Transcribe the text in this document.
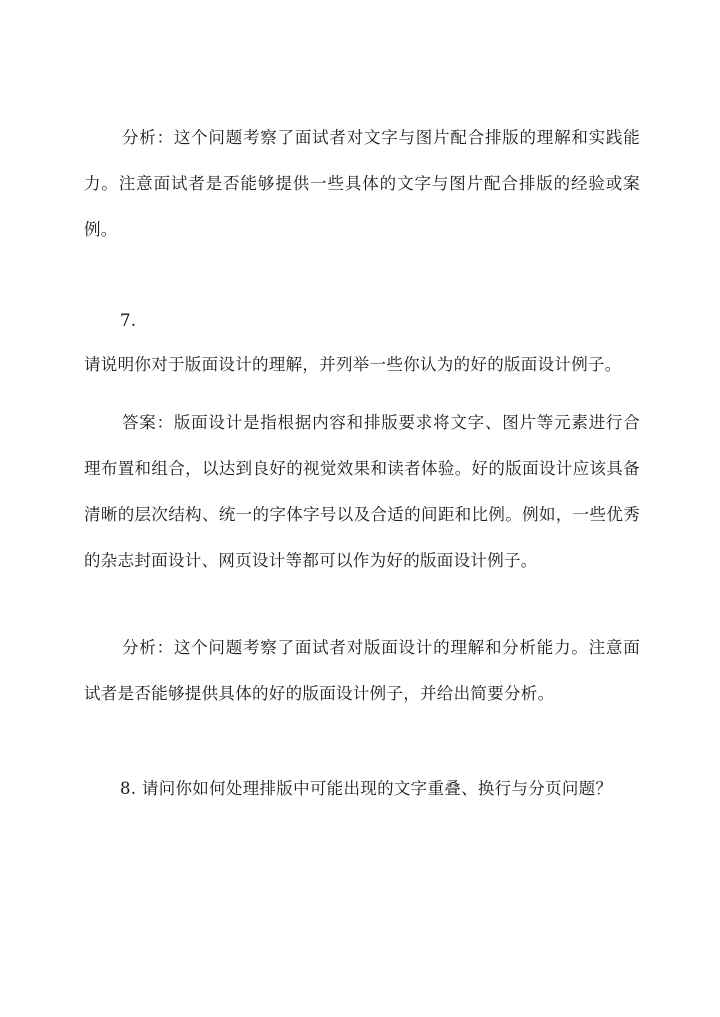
分析：这个问题考察了面试者对文字与图片配合排版的理解和实践能力。注意面试者是否能够提供一些具体的文字与图片配合排版的经验或案例。

7.

请说明你对于版面设计的理解，并列举一些你认为的好的版面设计例子。

答案：版面设计是指根据内容和排版要求将文字、图片等元素进行合理布置和组合，以达到良好的视觉效果和读者体验。好的版面设计应该具备清晰的层次结构、统一的字体字号以及合适的间距和比例。例如，一些优秀的杂志封面设计、网页设计等都可以作为好的版面设计例子。

分析：这个问题考察了面试者对版面设计的理解和分析能力。注意面试者是否能够提供具体的好的版面设计例子，并给出简要分析。

8. 请问你如何处理排版中可能出现的文字重叠、换行与分页问题？
